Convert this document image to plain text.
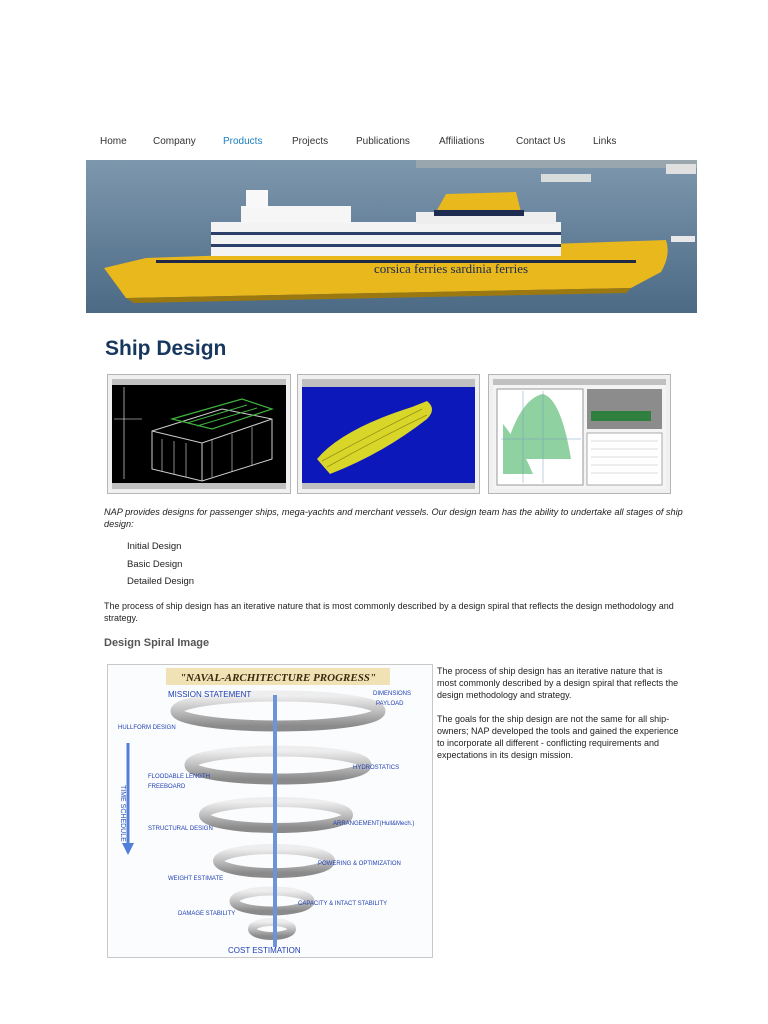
Home	Company	Products	Projects	Publications	Affiliations	Contact Us	Links
corsica ferries sardinia ferries
Ship Design

NAP provides designs for passenger ships, mega-yachts and merchant vessels. Our design team has the ability to undertake all stages of ship design:

Initial Design
Basic Design
Detailed Design

The process of ship design has an iterative nature that is most commonly described by a design spiral that reflects the design methodology and strategy.

Design Spiral Image
"NAVAL-ARCHITECTURE PROGRESS"
TIME SCHEDULE
MISSION STATEMENT	DIMENSIONS
PAYLOAD
HULLFORM DESIGN
HYDROSTATICS
FLOODABLE LENGTH
FREEBOARD
ARRANGEMENT(Hull&Mech.)
STRUCTURAL DESIGN
POWERING & OPTIMIZATION
WEIGHT ESTIMATE
CAPACITY & INTACT STABILITY
DAMAGE STABILITY
COST ESTIMATION

The process of ship design has an iterative nature that is most commonly described by a design spiral that reflects the design methodology and strategy.

The goals for the ship design are not the same for all ship-owners; NAP developed the tools and gained the experience to incorporate all different - conflicting requirements and expectations in its design mission.
